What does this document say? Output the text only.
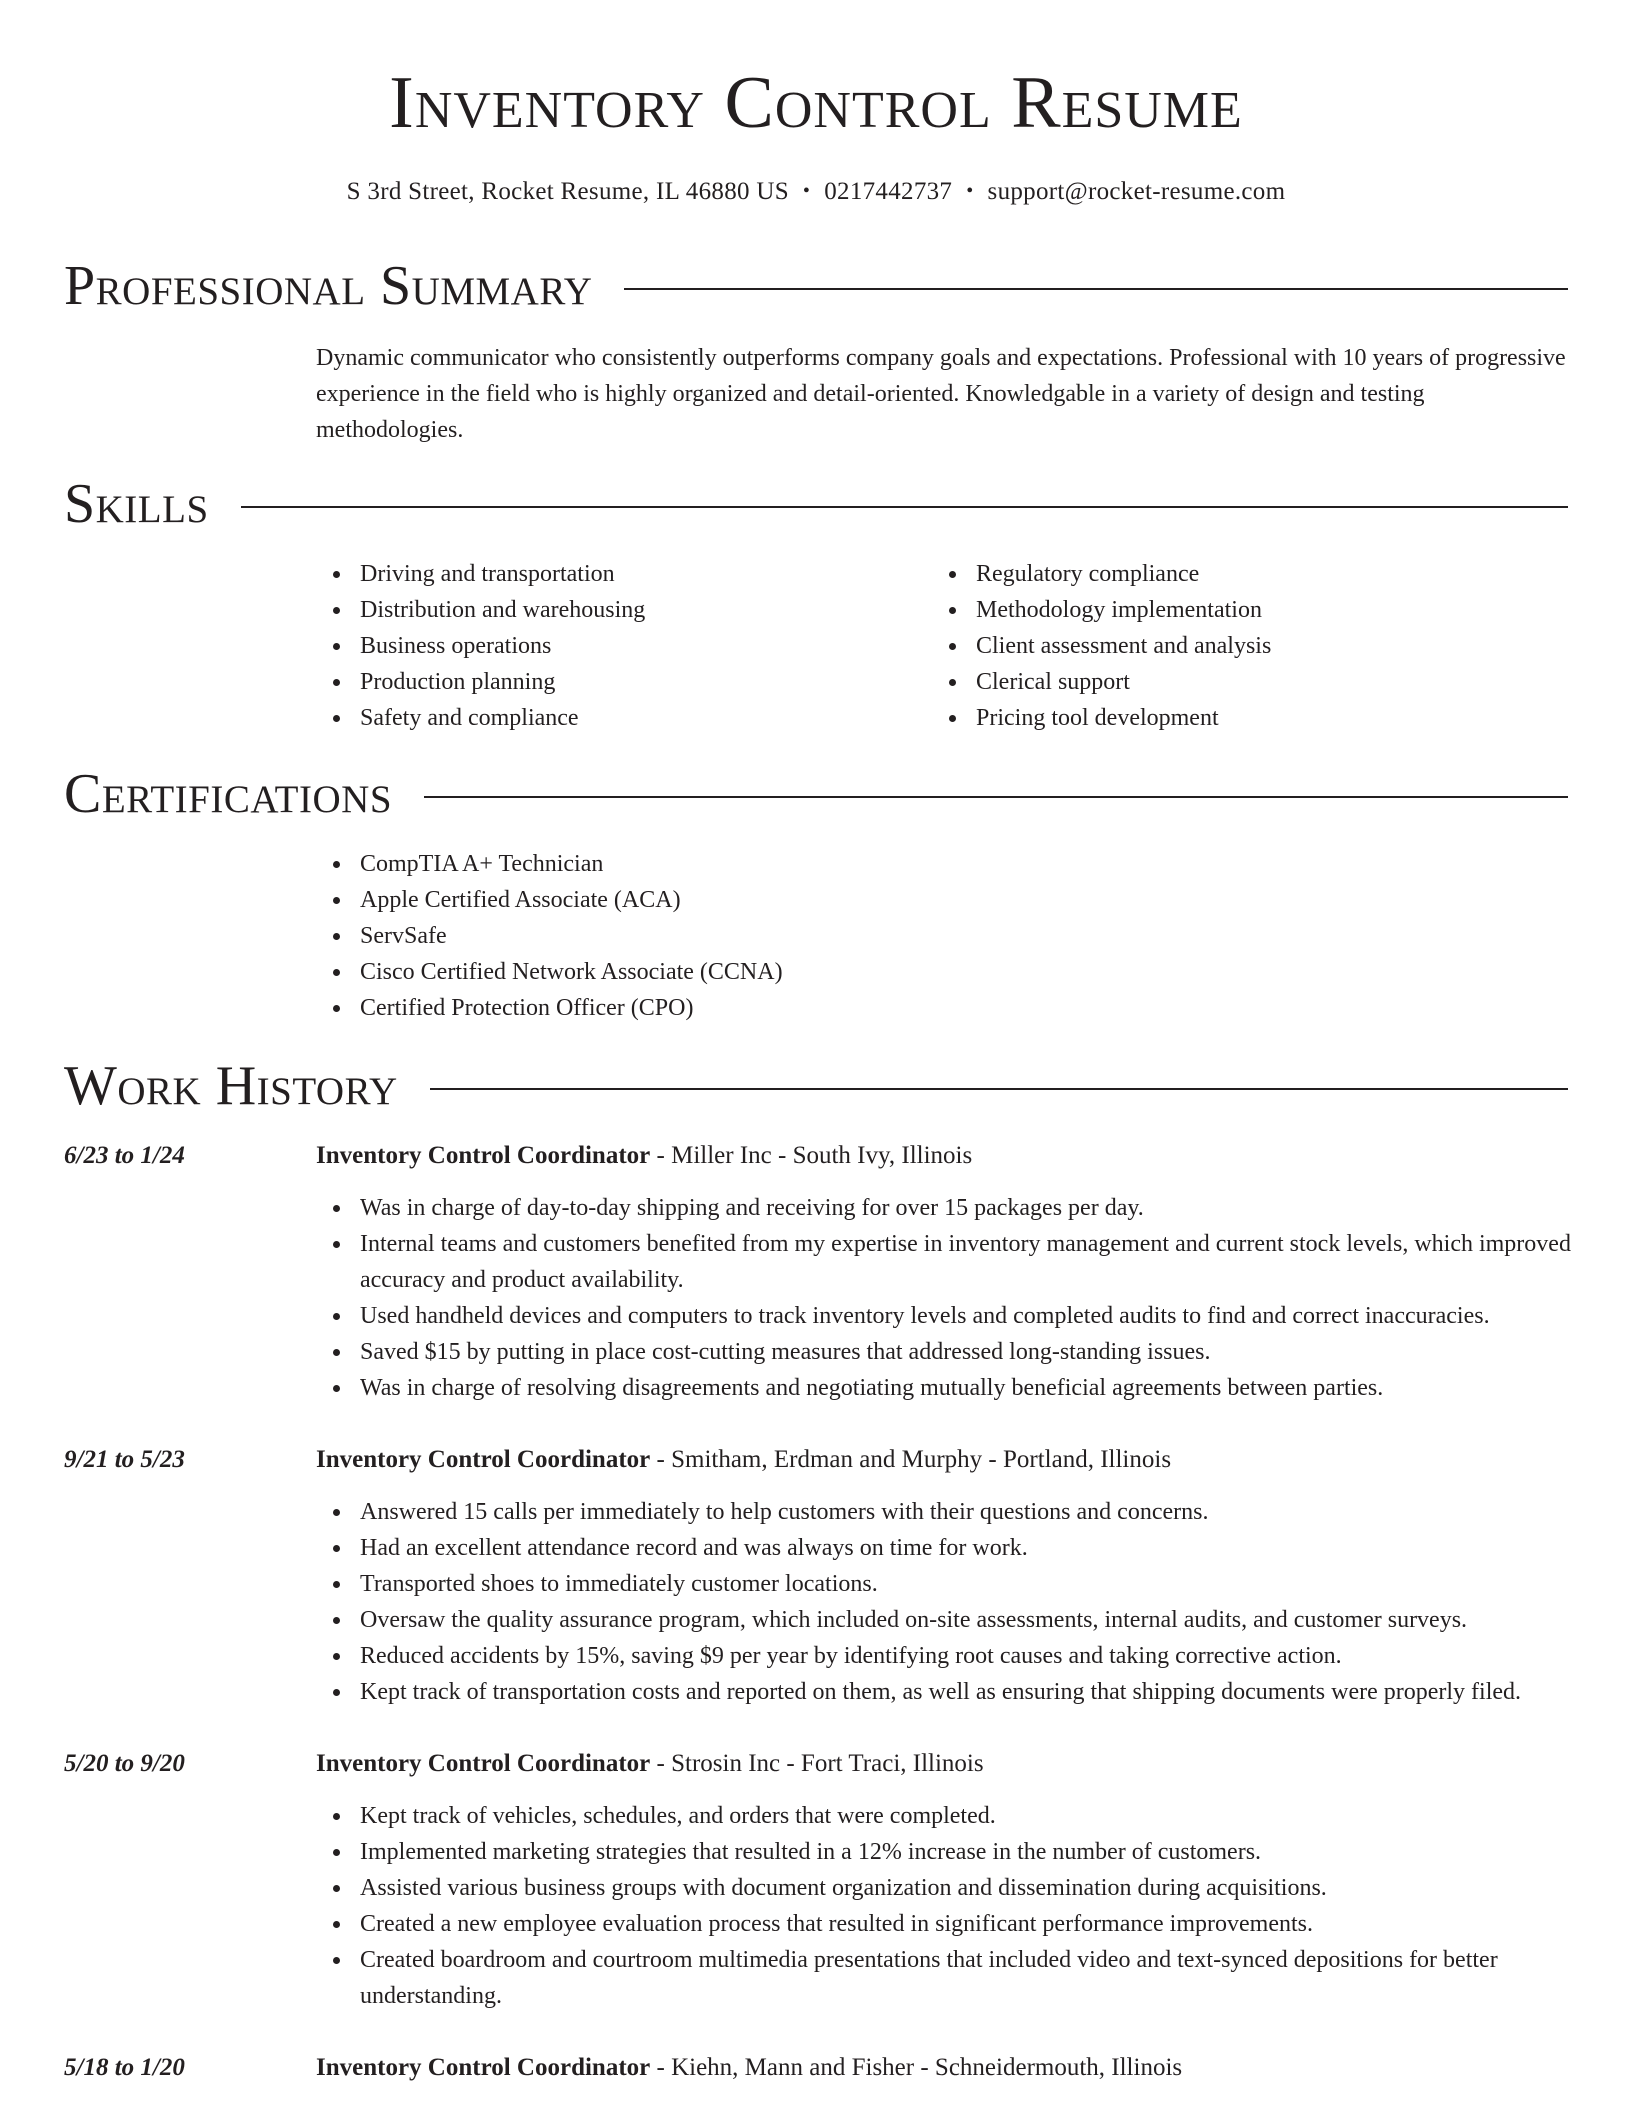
Inventory Control Resume
S 3rd Street, Rocket Resume, IL 46880 US • 0217442737 • support@rocket-resume.com
Professional Summary

Dynamic communicator who consistently outperforms company goals and expectations. Professional with 10 years of progressive experience in the field who is highly organized and detail-oriented. Knowledgable in a variety of design and testing methodologies.

Skills
Driving and transportation
Distribution and warehousing
Business operations
Production planning
Safety and compliance
Regulatory compliance
Methodology implementation
Client assessment and analysis
Clerical support
Pricing tool development
Certifications
CompTIA A+ Technician
Apple Certified Associate (ACA)
ServSafe
Cisco Certified Network Associate (CCNA)
Certified Protection Officer (CPO)
Work History
6/23 to 1/24	Inventory Control Coordinator - Miller Inc - South Ivy, Illinois
Was in charge of day-to-day shipping and receiving for over 15 packages per day.
Internal teams and customers benefited from my expertise in inventory management and current stock levels, which improved accuracy and product availability.
Used handheld devices and computers to track inventory levels and completed audits to find and correct inaccuracies.
Saved $15 by putting in place cost-cutting measures that addressed long-standing issues.
Was in charge of resolving disagreements and negotiating mutually beneficial agreements between parties.
9/21 to 5/23	Inventory Control Coordinator - Smitham, Erdman and Murphy - Portland, Illinois
Answered 15 calls per immediately to help customers with their questions and concerns.
Had an excellent attendance record and was always on time for work.
Transported shoes to immediately customer locations.
Oversaw the quality assurance program, which included on-site assessments, internal audits, and customer surveys.
Reduced accidents by 15%, saving $9 per year by identifying root causes and taking corrective action.
Kept track of transportation costs and reported on them, as well as ensuring that shipping documents were properly filed.
5/20 to 9/20	Inventory Control Coordinator - Strosin Inc - Fort Traci, Illinois
Kept track of vehicles, schedules, and orders that were completed.
Implemented marketing strategies that resulted in a 12% increase in the number of customers.
Assisted various business groups with document organization and dissemination during acquisitions.
Created a new employee evaluation process that resulted in significant performance improvements.
Created boardroom and courtroom multimedia presentations that included video and text-synced depositions for better understanding.
5/18 to 1/20	Inventory Control Coordinator - Kiehn, Mann and Fisher - Schneidermouth, Illinois
